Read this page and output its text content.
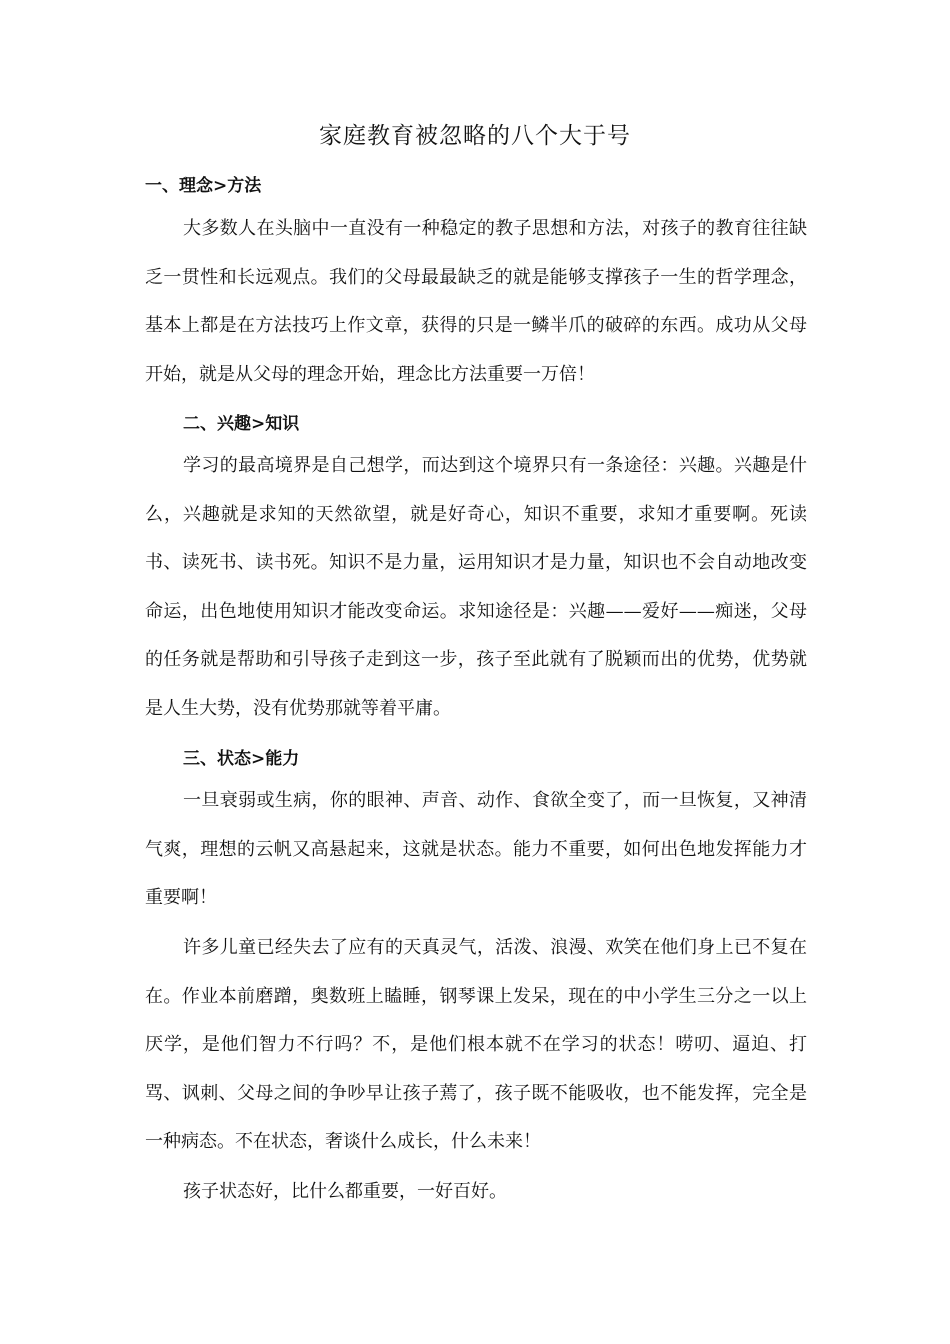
家庭教育被忽略的八个大于号
一、理念>方法

大多数人在头脑中一直没有一种稳定的教子思想和方法，对孩子的教育往往缺乏一贯性和长远观点。我们的父母最最缺乏的就是能够支撑孩子一生的哲学理念，基本上都是在方法技巧上作文章，获得的只是一鳞半爪的破碎的东西。成功从父母开始，就是从父母的理念开始，理念比方法重要一万倍！

二、兴趣>知识

学习的最高境界是自己想学，而达到这个境界只有一条途径：兴趣。兴趣是什么，兴趣就是求知的天然欲望，就是好奇心，知识不重要，求知才重要啊。死读书、读死书、读书死。知识不是力量，运用知识才是力量，知识也不会自动地改变命运，出色地使用知识才能改变命运。求知途径是：兴趣——爱好——痴迷，父母的任务就是帮助和引导孩子走到这一步，孩子至此就有了脱颖而出的优势，优势就是人生大势，没有优势那就等着平庸。

三、状态>能力

一旦衰弱或生病，你的眼神、声音、动作、食欲全变了，而一旦恢复，又神清气爽，理想的云帆又高悬起来，这就是状态。能力不重要，如何出色地发挥能力才重要啊！

许多儿童已经失去了应有的天真灵气，活泼、浪漫、欢笑在他们身上已不复在在。作业本前磨蹭，奥数班上瞌睡，钢琴课上发呆，现在的中小学生三分之一以上厌学，是他们智力不行吗？不，是他们根本就不在学习的状态！唠叨、逼迫、打骂、讽刺、父母之间的争吵早让孩子蔫了，孩子既不能吸收，也不能发挥，完全是一种病态。不在状态，奢谈什么成长，什么未来！

孩子状态好，比什么都重要，一好百好。
